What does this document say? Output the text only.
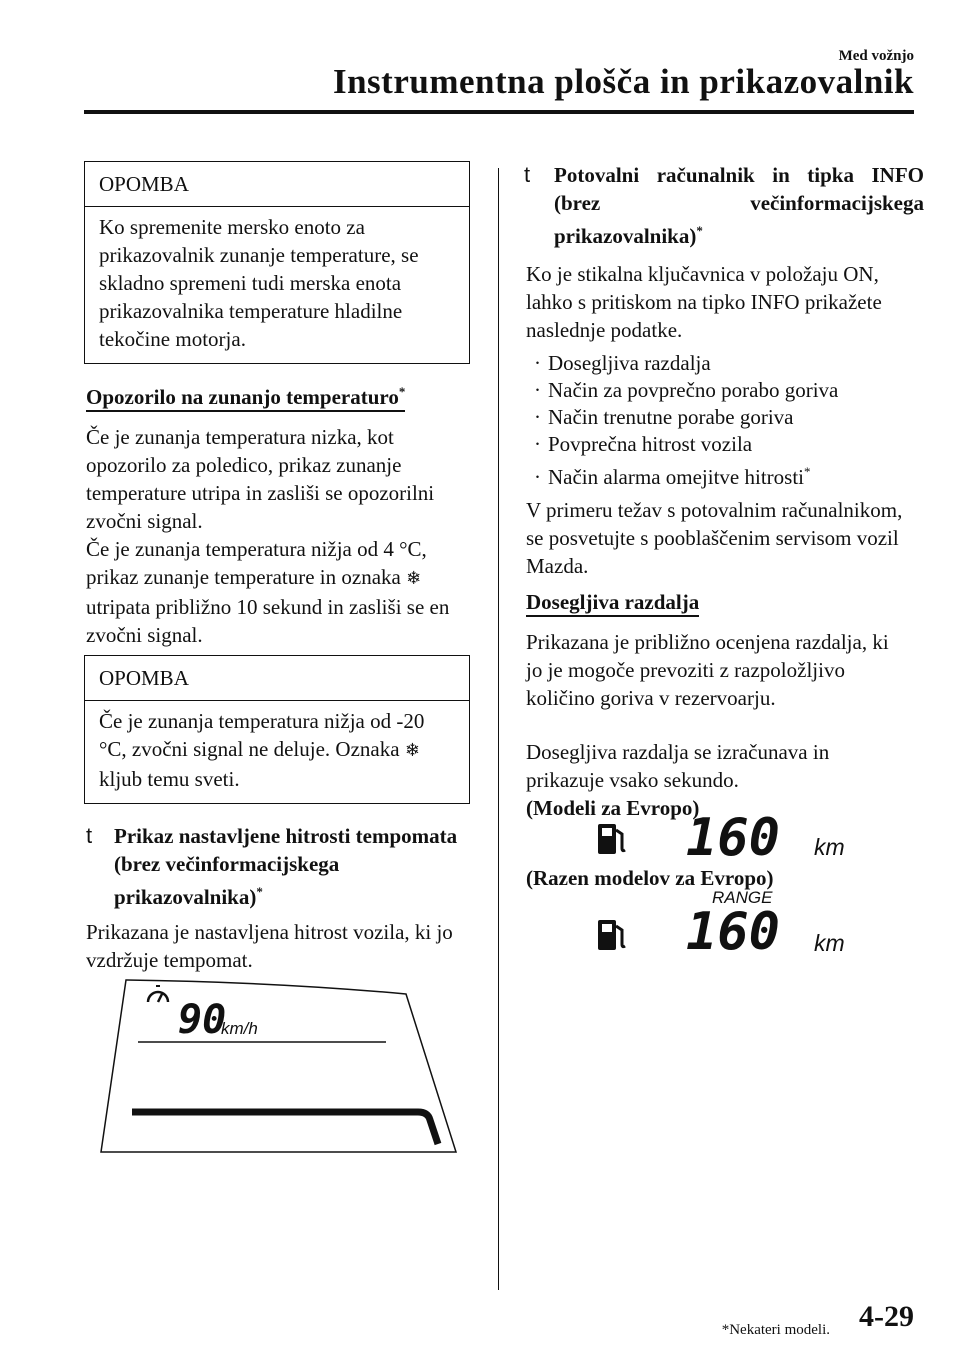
Med vožnjo
Instrumentna plošča in prikazovalnik
OPOMBA
Ko spremenite mersko enoto za prikazovalnik zunanje temperature, se skladno spremeni tudi merska enota prikazovalnika temperature hladilne tekočine motorja.
Opozorilo na zunanjo temperaturo*
Če je zunanja temperatura nizka, kot opozorilo za poledico, prikaz zunanje temperature utripa in zasliši se opozorilni zvočni signal.
Če je zunanja temperatura nižja od 4 °C, prikaz zunanje temperature in oznaka ❄ utripata približno 10 sekund in zasliši se en zvočni signal.
OPOMBA
Če je zunanja temperatura nižja od -20 °C, zvočni signal ne deluje. Oznaka ❄
kljub temu sveti.
t Prikaz nastavljene hitrosti tempomata (brez večinformacijskega prikazovalnika)*
Prikazana je nastavljena hitrost vozila, ki jo vzdržuje tempomat.
90
km/h
t Potovalni računalnik in tipka INFO (brez večinformacijskega prikazovalnika)*
Ko je stikalna ključavnica v položaju ON, lahko s pritiskom na tipko INFO prikažete naslednje podatke.
· Dosegljiva razdalja
· Način za povprečno porabo goriva
· Način trenutne porabe goriva
· Povprečna hitrost vozila
· Način alarma omejitve hitrosti*
V primeru težav s potovalnim računalnikom, se posvetujte s pooblaščenim servisom vozil Mazda.
Dosegljiva razdalja
Prikazana je približno ocenjena razdalja, ki jo je mogoče prevoziti z razpoložljivo količino goriva v rezervoarju.
Dosegljiva razdalja se izračunava in prikazuje vsako sekundo.
(Modeli za Evropo)
160 km
(Razen modelov za Evropo)
RANGE
160 km
*Nekateri modeli. 4-29
